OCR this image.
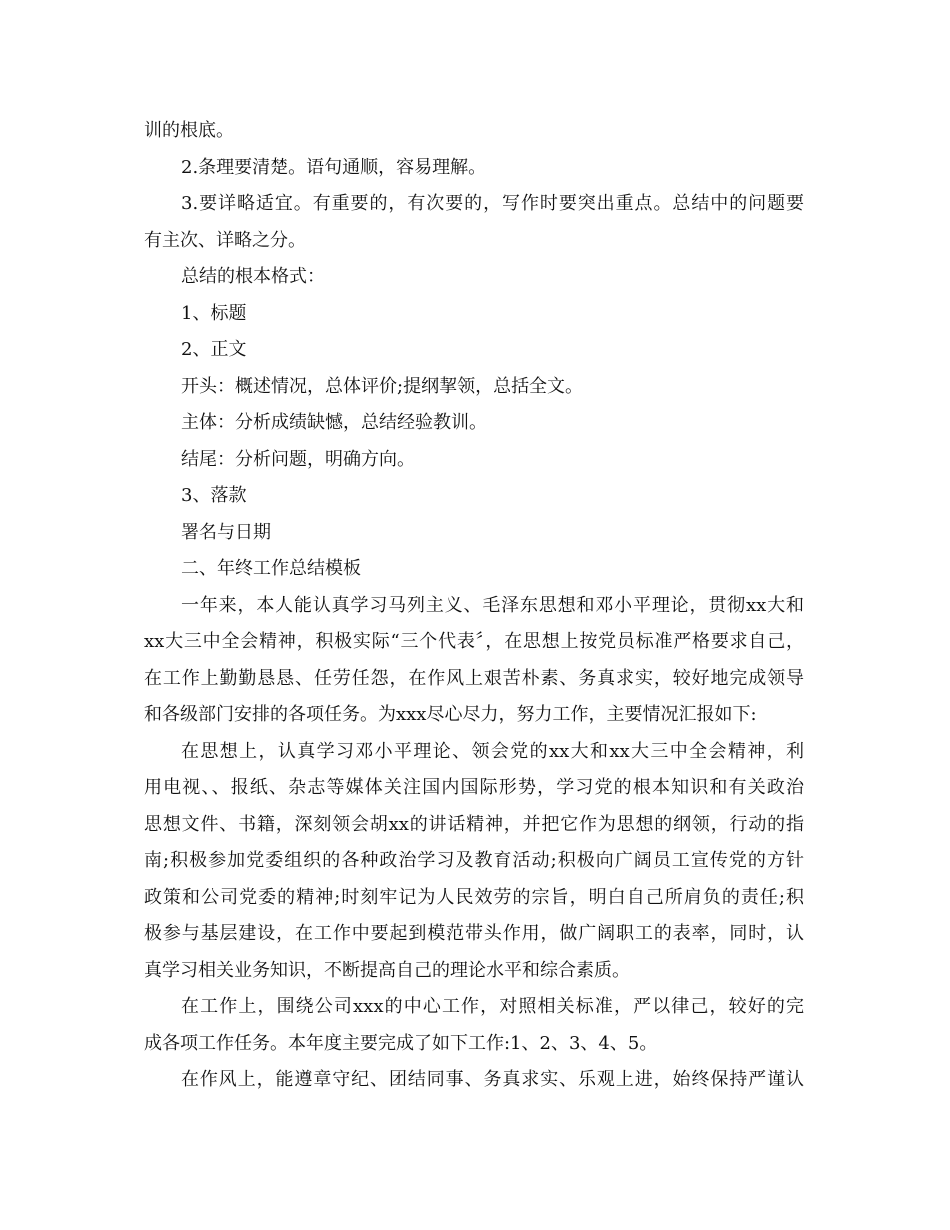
训的根底。
2.条理要清楚。语句通顺，容易理解。
3.要详略适宜。有重要的，有次要的，写作时要突出重点。总结中的问题要
有主次、详略之分。
总结的根本格式：
1、标题
2、正文
开头：概述情况，总体评价;提纲挈领，总括全文。
主体：分析成绩缺憾，总结经验教训。
结尾：分析问题，明确方向。
3、落款
署名与日期
二、年终工作总结模板
一年来，本人能认真学习马列主义、毛泽东思想和邓小平理论，贯彻xx大和
xx大三中全会精神，积极实际“三个代表〞，在思想上按党员标准严格要求自己，
在工作上勤勤恳恳、任劳任怨，在作风上艰苦朴素、务真求实，较好地完成领导
和各级部门安排的各项任务。为xxx尽心尽力，努力工作，主要情况汇报如下:
在思想上，认真学习邓小平理论、领会党的xx大和xx大三中全会精神，利
用电视、、报纸、杂志等媒体关注国内国际形势，学习党的根本知识和有关政治
思想文件、书籍，深刻领会胡xx的讲话精神，并把它作为思想的纲领，行动的指
南;积极参加党委组织的各种政治学习及教育活动;积极向广阔员工宣传党的方针
政策和公司党委的精神;时刻牢记为人民效劳的宗旨，明白自己所肩负的责任;积
极参与基层建设，在工作中要起到模范带头作用，做广阔职工的表率，同时，认
真学习相关业务知识，不断提高自己的理论水平和综合素质。
在工作上，围绕公司xxx的中心工作，对照相关标准，严以律己，较好的完
成各项工作任务。本年度主要完成了如下工作:1、2、3、4、5。
在作风上，能遵章守纪、团结同事、务真求实、乐观上进，始终保持严谨认
